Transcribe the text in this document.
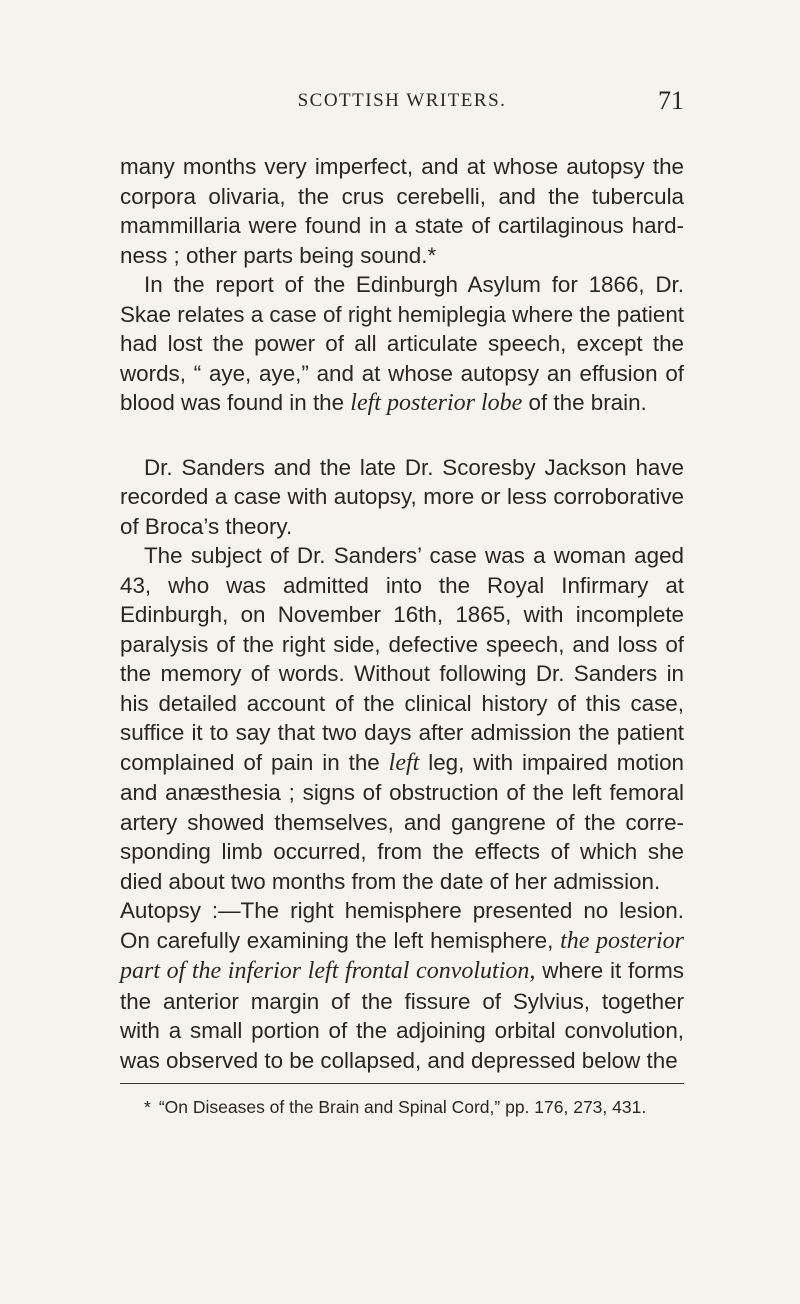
SCOTTISH WRITERS.	71

many months very imperfect, and at whose autopsy the corpora olivaria, the crus cerebelli, and the tubercula mammillaria were found in a state of cartilaginous hardness ; other parts being sound.*

In the report of the Edinburgh Asylum for 1866, Dr. Skae relates a case of right hemiplegia where the patient had lost the power of all articulate speech, except the words, “ aye, aye,” and at whose autopsy an effusion of blood was found in the left posterior lobe of the brain.

Dr. Sanders and the late Dr. Scoresby Jackson have recorded a case with autopsy, more or less corroborative of Broca’s theory.

The subject of Dr. Sanders’ case was a woman aged 43, who was admitted into the Royal Infirmary at Edinburgh, on November 16th, 1865, with incomplete paralysis of the right side, defective speech, and loss of the memory of words. Without following Dr. Sanders in his detailed account of the clinical history of this case, suffice it to say that two days after admission the patient complained of pain in the left leg, with impaired motion and anæsthesia ; signs of obstruction of the left femoral artery showed themselves, and gangrene of the corresponding limb occurred, from the effects of which she died about two months from the date of her admission.

Autopsy :—The right hemisphere presented no lesion. On carefully examining the left hemisphere, the posterior part of the inferior left frontal convolution, where it forms the anterior margin of the fissure of Sylvius, together with a small portion of the adjoining orbital convolution, was observed to be collapsed, and depressed below the

* “On Diseases of the Brain and Spinal Cord,” pp. 176, 273, 431.
